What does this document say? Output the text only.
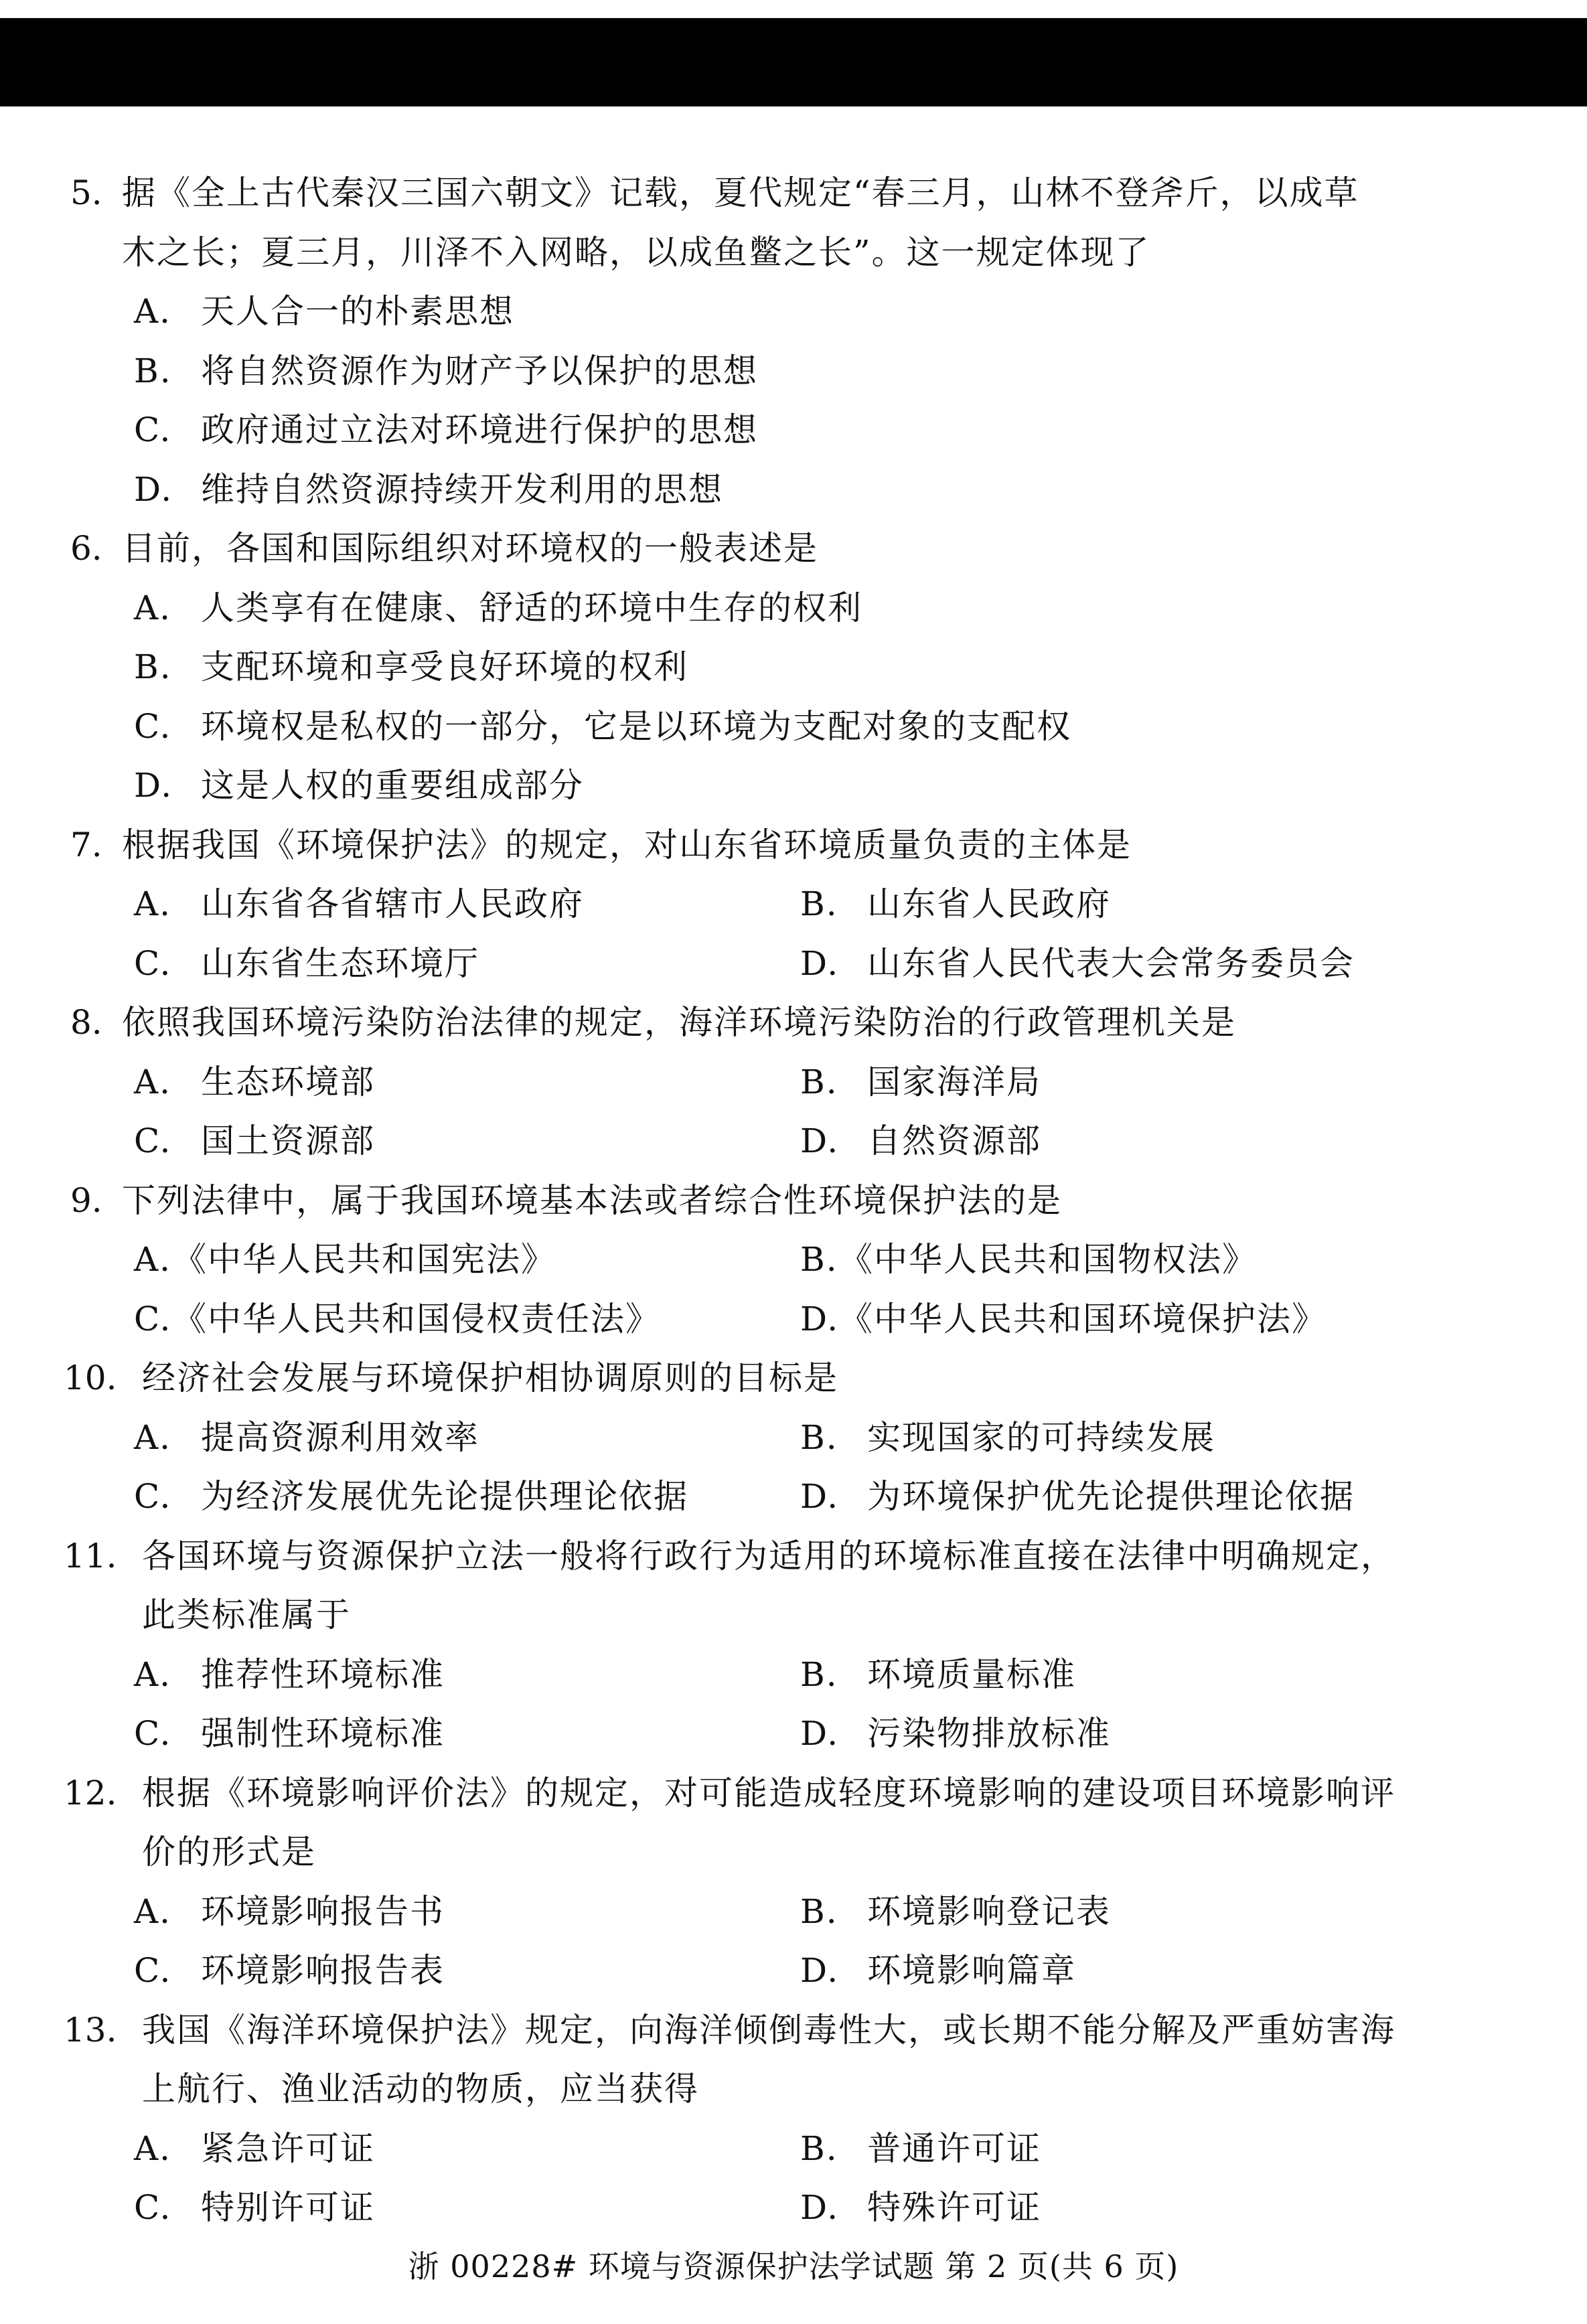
5. 据《全上古代秦汉三国六朝文》记载，夏代规定“春三月，山林不登斧斤，以成草
木之长；夏三月，川泽不入网略，以成鱼鳖之长”。这一规定体现了
A. 天人合一的朴素思想
B. 将自然资源作为财产予以保护的思想
C. 政府通过立法对环境进行保护的思想
D. 维持自然资源持续开发利用的思想
6. 目前，各国和国际组织对环境权的一般表述是
A. 人类享有在健康、舒适的环境中生存的权利
B. 支配环境和享受良好环境的权利
C. 环境权是私权的一部分，它是以环境为支配对象的支配权
D. 这是人权的重要组成部分
7. 根据我国《环境保护法》的规定，对山东省环境质量负责的主体是
A. 山东省各省辖市人民政府	B. 山东省人民政府
C. 山东省生态环境厅	D. 山东省人民代表大会常务委员会
8. 依照我国环境污染防治法律的规定，海洋环境污染防治的行政管理机关是
A. 生态环境部	B. 国家海洋局
C. 国土资源部	D. 自然资源部
9. 下列法律中，属于我国环境基本法或者综合性环境保护法的是
A. 《中华人民共和国宪法》	B. 《中华人民共和国物权法》
C. 《中华人民共和国侵权责任法》	D. 《中华人民共和国环境保护法》
10. 经济社会发展与环境保护相协调原则的目标是
A. 提高资源利用效率	B. 实现国家的可持续发展
C. 为经济发展优先论提供理论依据	D. 为环境保护优先论提供理论依据
11. 各国环境与资源保护立法一般将行政行为适用的环境标准直接在法律中明确规定，
此类标准属于
A. 推荐性环境标准	B. 环境质量标准
C. 强制性环境标准	D. 污染物排放标准
12. 根据《环境影响评价法》的规定，对可能造成轻度环境影响的建设项目环境影响评
价的形式是
A. 环境影响报告书	B. 环境影响登记表
C. 环境影响报告表	D. 环境影响篇章
13. 我国《海洋环境保护法》规定，向海洋倾倒毒性大，或长期不能分解及严重妨害海
上航行、渔业活动的物质，应当获得
A. 紧急许可证	B. 普通许可证
C. 特别许可证	D. 特殊许可证
浙 00228# 环境与资源保护法学试题 第 2 页(共 6 页)
